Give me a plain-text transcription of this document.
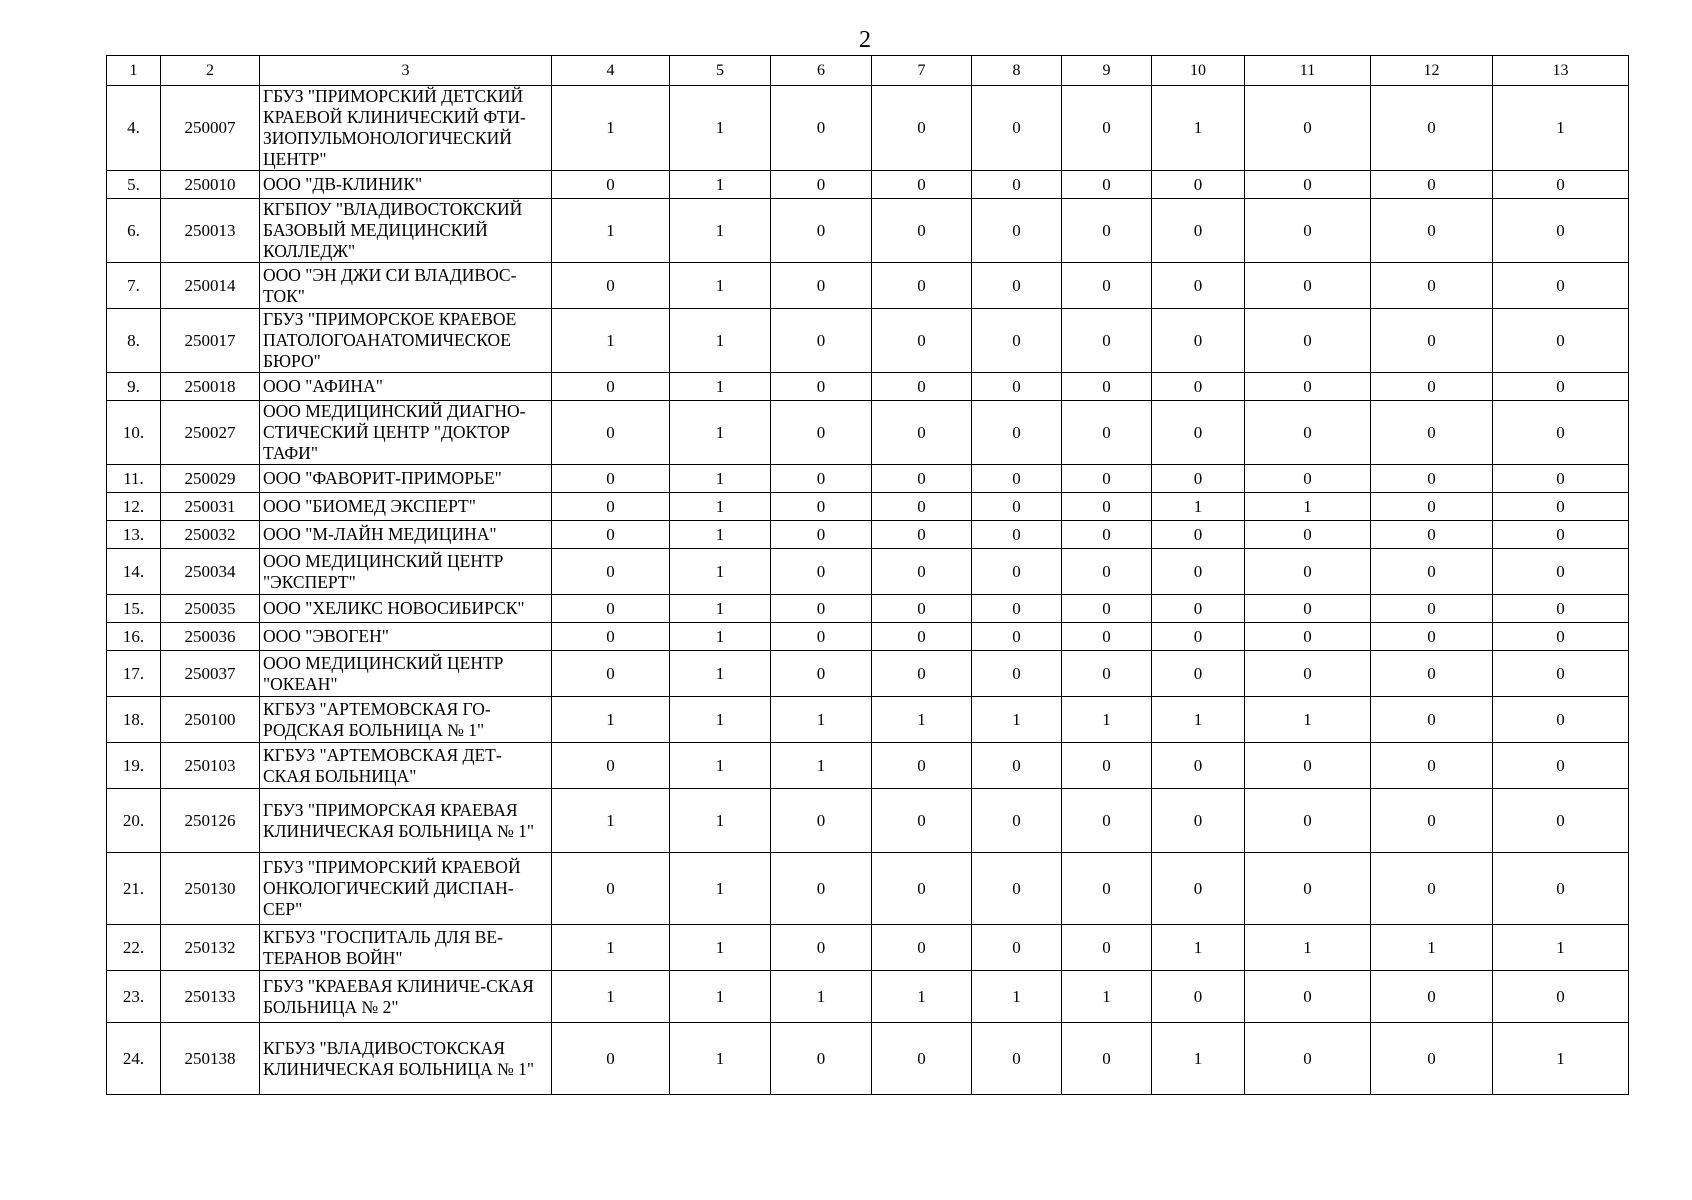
2
1	2	3	4	5	6	7	8	9	10	11	12	13
4.	250007	ГБУЗ "ПРИМОРСКИЙ ДЕТСКИЙ КРАЕВОЙ КЛИНИЧЕСКИЙ ФТИ-ЗИОПУЛЬМОНОЛОГИЧЕСКИЙ ЦЕНТР"	1	1	0	0	0	0	1	0	0	1
5.	250010	ООО "ДВ-КЛИНИК"	0	1	0	0	0	0	0	0	0	0
6.	250013	КГБПОУ "ВЛАДИВОСТОКСКИЙ БАЗОВЫЙ МЕДИЦИНСКИЙ КОЛЛЕДЖ"	1	1	0	0	0	0	0	0	0	0
7.	250014	ООО "ЭН ДЖИ СИ ВЛАДИВОС-ТОК"	0	1	0	0	0	0	0	0	0	0
8.	250017	ГБУЗ "ПРИМОРСКОЕ КРАЕВОЕ ПАТОЛОГОАНАТОМИЧЕСКОЕ БЮРО"	1	1	0	0	0	0	0	0	0	0
9.	250018	ООО "АФИНА"	0	1	0	0	0	0	0	0	0	0
10.	250027	ООО МЕДИЦИНСКИЙ ДИАГНО-СТИЧЕСКИЙ ЦЕНТР "ДОКТОР ТАФИ"	0	1	0	0	0	0	0	0	0	0
11.	250029	ООО "ФАВОРИТ-ПРИМОРЬЕ"	0	1	0	0	0	0	0	0	0	0
12.	250031	ООО "БИОМЕД ЭКСПЕРТ"	0	1	0	0	0	0	1	1	0	0
13.	250032	ООО "М-ЛАЙН МЕДИЦИНА"	0	1	0	0	0	0	0	0	0	0
14.	250034	ООО МЕДИЦИНСКИЙ ЦЕНТР "ЭКСПЕРТ"	0	1	0	0	0	0	0	0	0	0
15.	250035	ООО "ХЕЛИКС НОВОСИБИРСК"	0	1	0	0	0	0	0	0	0	0
16.	250036	ООО "ЭВОГЕН"	0	1	0	0	0	0	0	0	0	0
17.	250037	ООО МЕДИЦИНСКИЙ ЦЕНТР "ОКЕАН"	0	1	0	0	0	0	0	0	0	0
18.	250100	КГБУЗ "АРТЕМОВСКАЯ ГО-РОДСКАЯ БОЛЬНИЦА № 1"	1	1	1	1	1	1	1	1	0	0
19.	250103	КГБУЗ "АРТЕМОВСКАЯ ДЕТ-СКАЯ БОЛЬНИЦА"	0	1	1	0	0	0	0	0	0	0
20.	250126	ГБУЗ "ПРИМОРСКАЯ КРАЕВАЯ КЛИНИЧЕСКАЯ БОЛЬНИЦА № 1"	1	1	0	0	0	0	0	0	0	0
21.	250130	ГБУЗ "ПРИМОРСКИЙ КРАЕВОЙ ОНКОЛОГИЧЕСКИЙ ДИСПАН-СЕР"	0	1	0	0	0	0	0	0	0	0
22.	250132	КГБУЗ "ГОСПИТАЛЬ ДЛЯ ВЕ-ТЕРАНОВ ВОЙН"	1	1	0	0	0	0	1	1	1	1
23.	250133	ГБУЗ "КРАЕВАЯ КЛИНИЧЕ-СКАЯ БОЛЬНИЦА № 2"	1	1	1	1	1	1	0	0	0	0
24.	250138	КГБУЗ "ВЛАДИВОСТОКСКАЯ КЛИНИЧЕСКАЯ БОЛЬНИЦА № 1"	0	1	0	0	0	0	1	0	0	1
